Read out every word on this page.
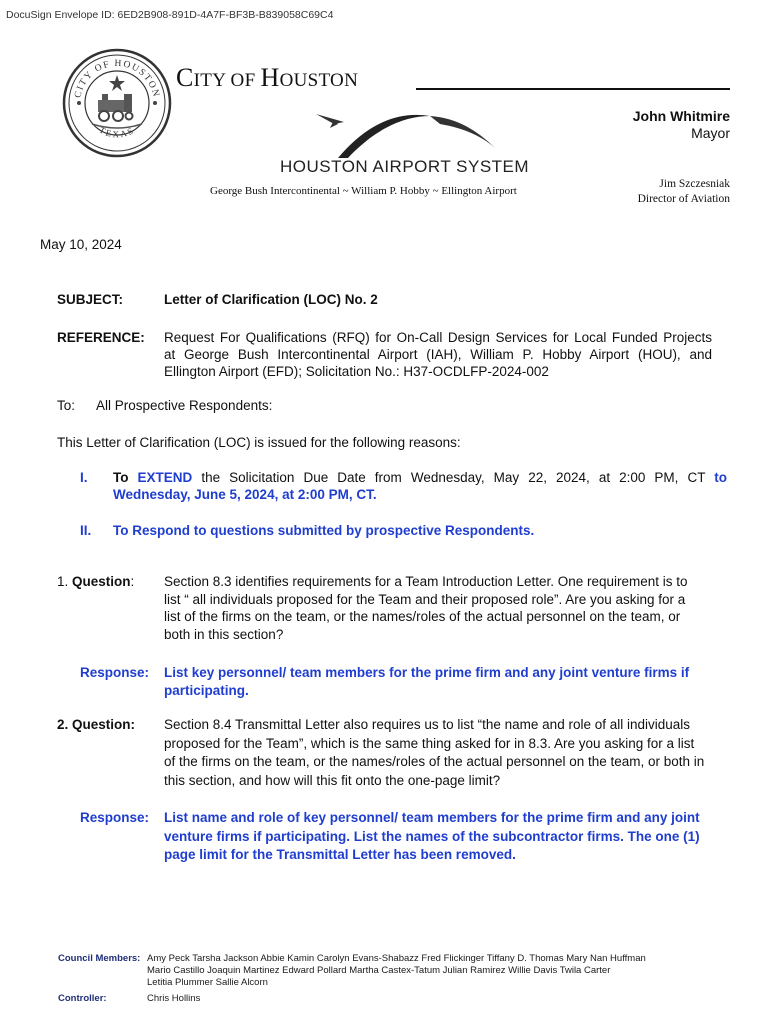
DocuSign Envelope ID: 6ED2B908-891D-4A7F-BF3B-B839058C69C4
CITY OF HOUSTON
TEXAS
CITY OF HOUSTON
John Whitmire
Mayor
HOUSTON AIRPORT SYSTEM
George Bush Intercontinental ~ William P. Hobby ~ Ellington Airport
Jim Szczesniak
Director of Aviation
May 10, 2024
SUBJECT:	Letter of Clarification (LOC) No. 2
REFERENCE: Request For Qualifications (RFQ) for On-Call Design Services for Local Funded Projects
at George Bush Intercontinental Airport (IAH), William P. Hobby Airport (HOU), and
Ellington Airport (EFD); Solicitation No.: H37-OCDLFP-2024-002
To: All Prospective Respondents:
This Letter of Clarification (LOC) is issued for the following reasons:
I. To EXTEND the Solicitation Due Date from Wednesday, May 22, 2024, at 2:00 PM, CT to
Wednesday, June 5, 2024, at 2:00 PM, CT.
II. To Respond to questions submitted by prospective Respondents.
1. Question: Section 8.3 identifies requirements for a Team Introduction Letter. One requirement is to
list “ all individuals proposed for the Team and their proposed role”. Are you asking for a
list of the firms on the team, or the names/roles of the actual personnel on the team, or
both in this section?
Response: List key personnel/ team members for the prime firm and any joint venture firms if
participating.
2. Question: Section 8.4 Transmittal Letter also requires us to list “the name and role of all individuals
proposed for the Team”, which is the same thing asked for in 8.3. Are you asking for a list
of the firms on the team, or the names/roles of the actual personnel on the team, or both in
this section, and how will this fit onto the one-page limit?
Response: List name and role of key personnel/ team members for the prime firm and any joint
venture firms if participating. List the names of the subcontractor firms. The one (1)
page limit for the Transmittal Letter has been removed.
Council Members: Amy Peck Tarsha Jackson Abbie Kamin Carolyn Evans-Shabazz Fred Flickinger Tiffany D. Thomas Mary Nan Huffman
Mario Castillo Joaquin Martinez Edward Pollard Martha Castex-Tatum Julian Ramirez Willie Davis Twila Carter
Letitia Plummer Sallie Alcorn
Controller:	Chris Hollins
